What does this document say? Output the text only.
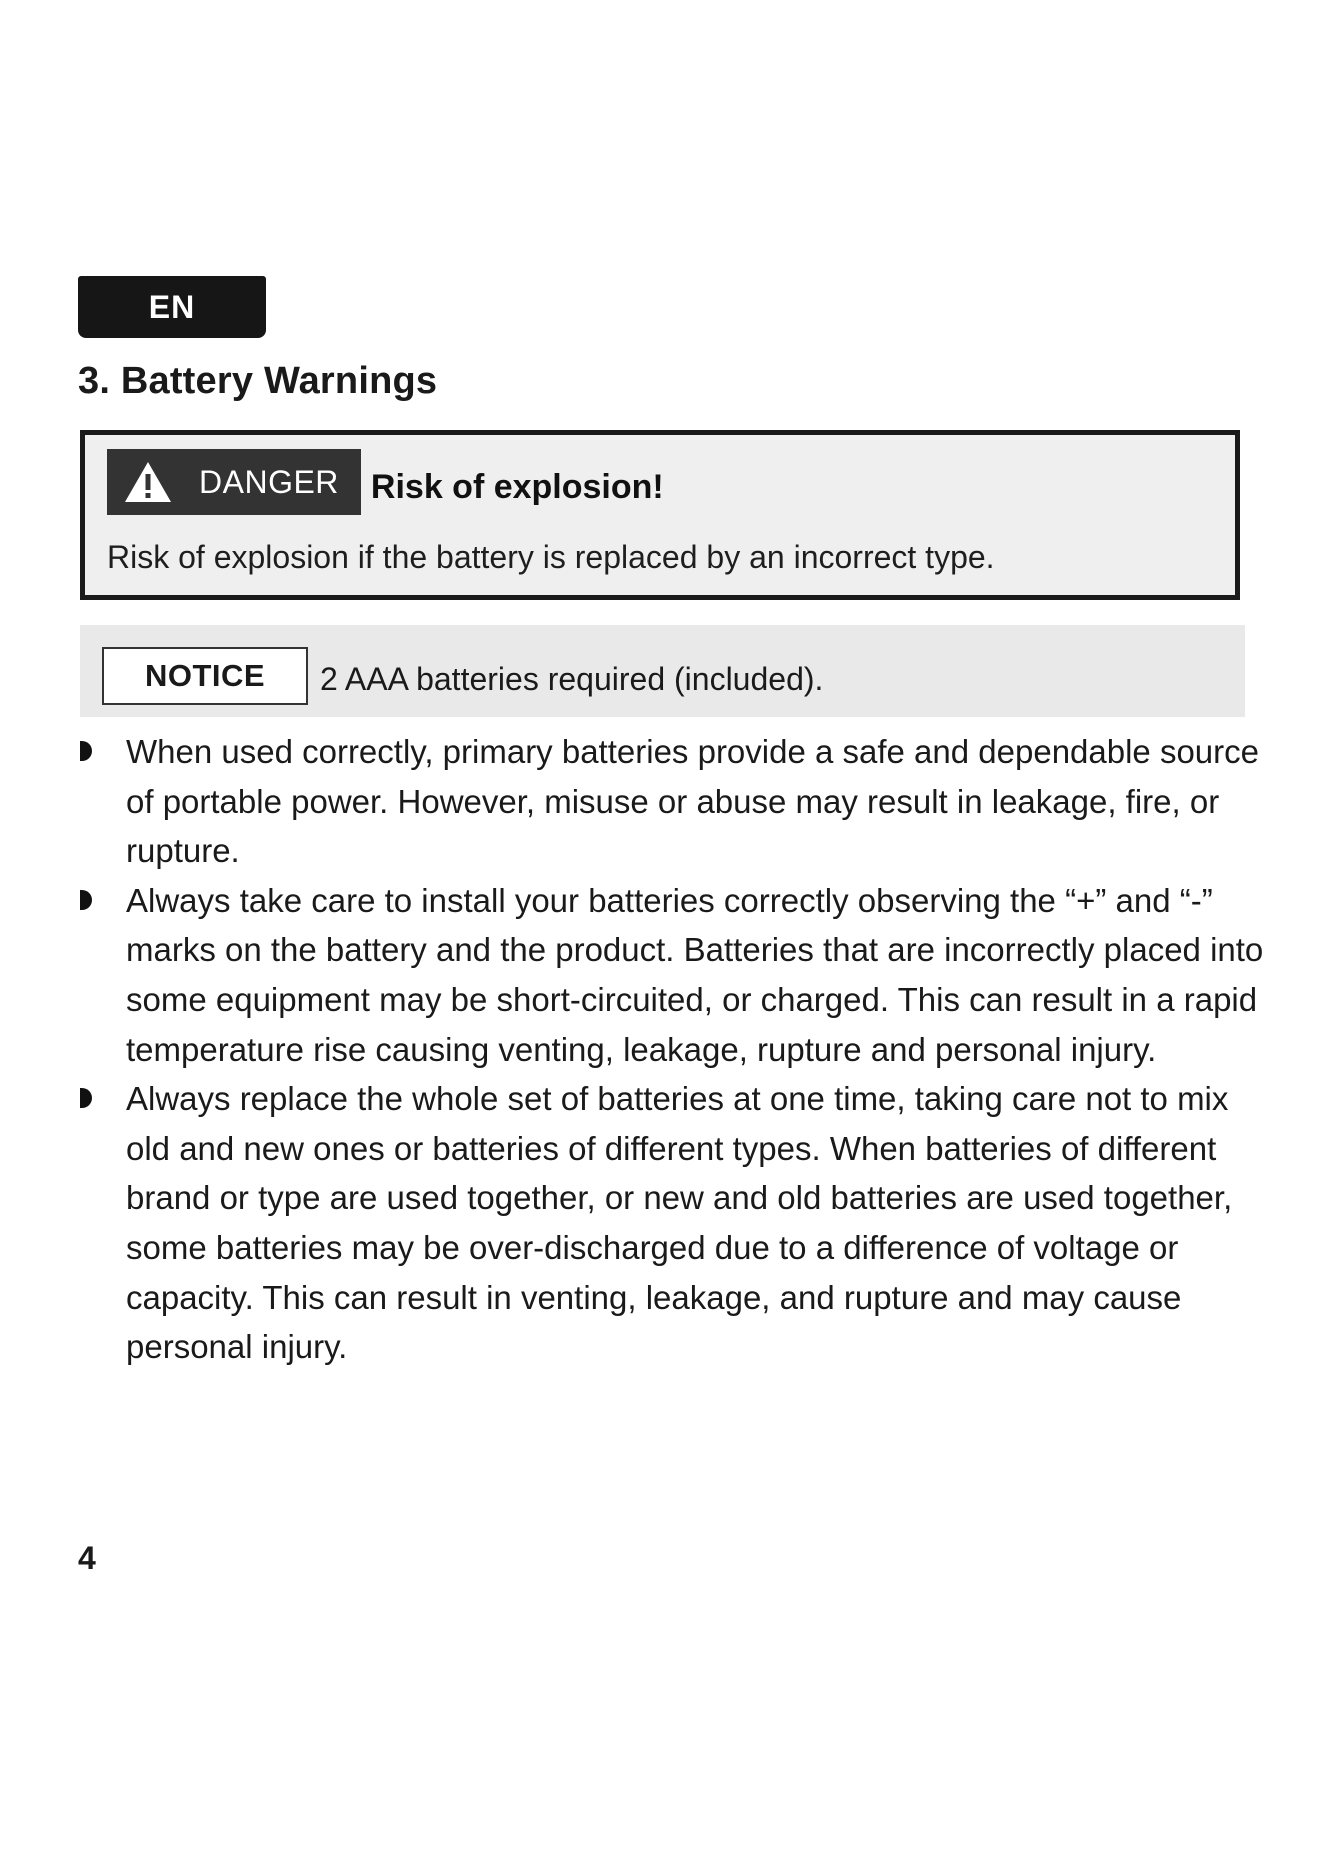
EN
3. Battery Warnings
DANGER Risk of explosion!
Risk of explosion if the battery is replaced by an incorrect type.
NOTICE 2 AAA batteries required (included).
When used correctly, primary batteries provide a safe and dependable source of portable power. However, misuse or abuse may result in leakage, fire, or rupture.
Always take care to install your batteries correctly observing the “+” and “-” marks on the battery and the product. Batteries that are incorrectly placed into some equipment may be short-circuited, or charged. This can result in a rapid temperature rise causing venting, leakage, rupture and personal injury.
Always replace the whole set of batteries at one time, taking care not to mix old and new ones or batteries of different types. When batteries of different brand or type are used together, or new and old batteries are used together, some batteries may be over-discharged due to a difference of voltage or capacity. This can result in venting, leakage, and rupture and may cause personal injury.
4
